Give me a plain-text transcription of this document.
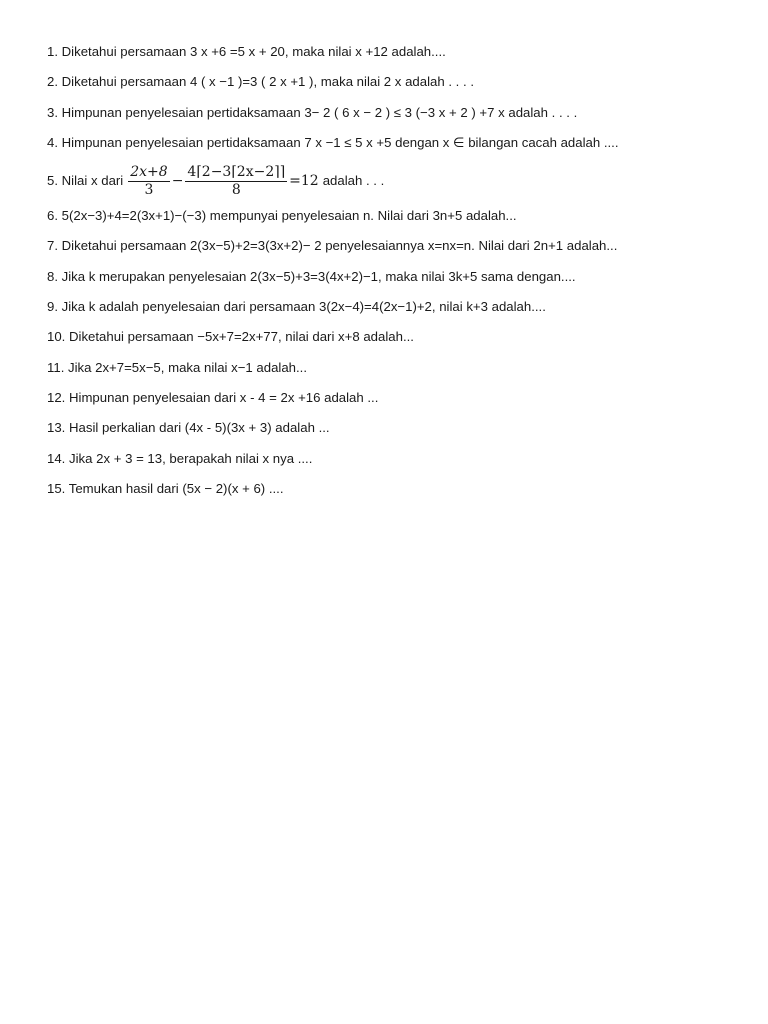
1. Diketahui persamaan 3 x +6 =5 x + 20, maka nilai x +12 adalah....
2. Diketahui persamaan 4 ( x −1 )=3 ( 2 x +1 ), maka nilai 2 x adalah . . . .
3. Himpunan penyelesaian pertidaksamaan 3− 2 ( 6 x − 2 ) ≤ 3 (−3 x + 2 ) +7 x adalah . . . .
4. Himpunan penyelesaian pertidaksamaan 7 x −1 ≤ 5 x +5 dengan x ∈ bilangan cacah adalah ....
5. Nilai x dari $\frac{2x+8}{3} - \frac{4⌈2-3⌈2x-2⌉⌉}{8} =12$ adalah . . .
6. 5(2x−3)+4=2(3x+1)−(−3) mempunyai penyelesaian n. Nilai dari 3n+5 adalah...
7. Diketahui persamaan 2(3x−5)+2=3(3x+2)− 2 penyelesaiannya x=nx=n. Nilai dari 2n+1 adalah...
8. Jika k merupakan penyelesaian 2(3x−5)+3=3(4x+2)−1, maka nilai 3k+5 sama dengan....
9. Jika k adalah penyelesaian dari persamaan 3(2x−4)=4(2x−1)+2, nilai k+3 adalah....
10. Diketahui persamaan −5x+7=2x+77, nilai dari x+8 adalah...
11. Jika 2x+7=5x−5, maka nilai x−1 adalah...
12. Himpunan penyelesaian dari x - 4 = 2x +16 adalah ...
13. Hasil perkalian dari (4x - 5)(3x + 3) adalah ...
14. Jika 2x + 3 = 13, berapakah nilai x nya ....
15. Temukan hasil dari (5x − 2)(x + 6) ....
